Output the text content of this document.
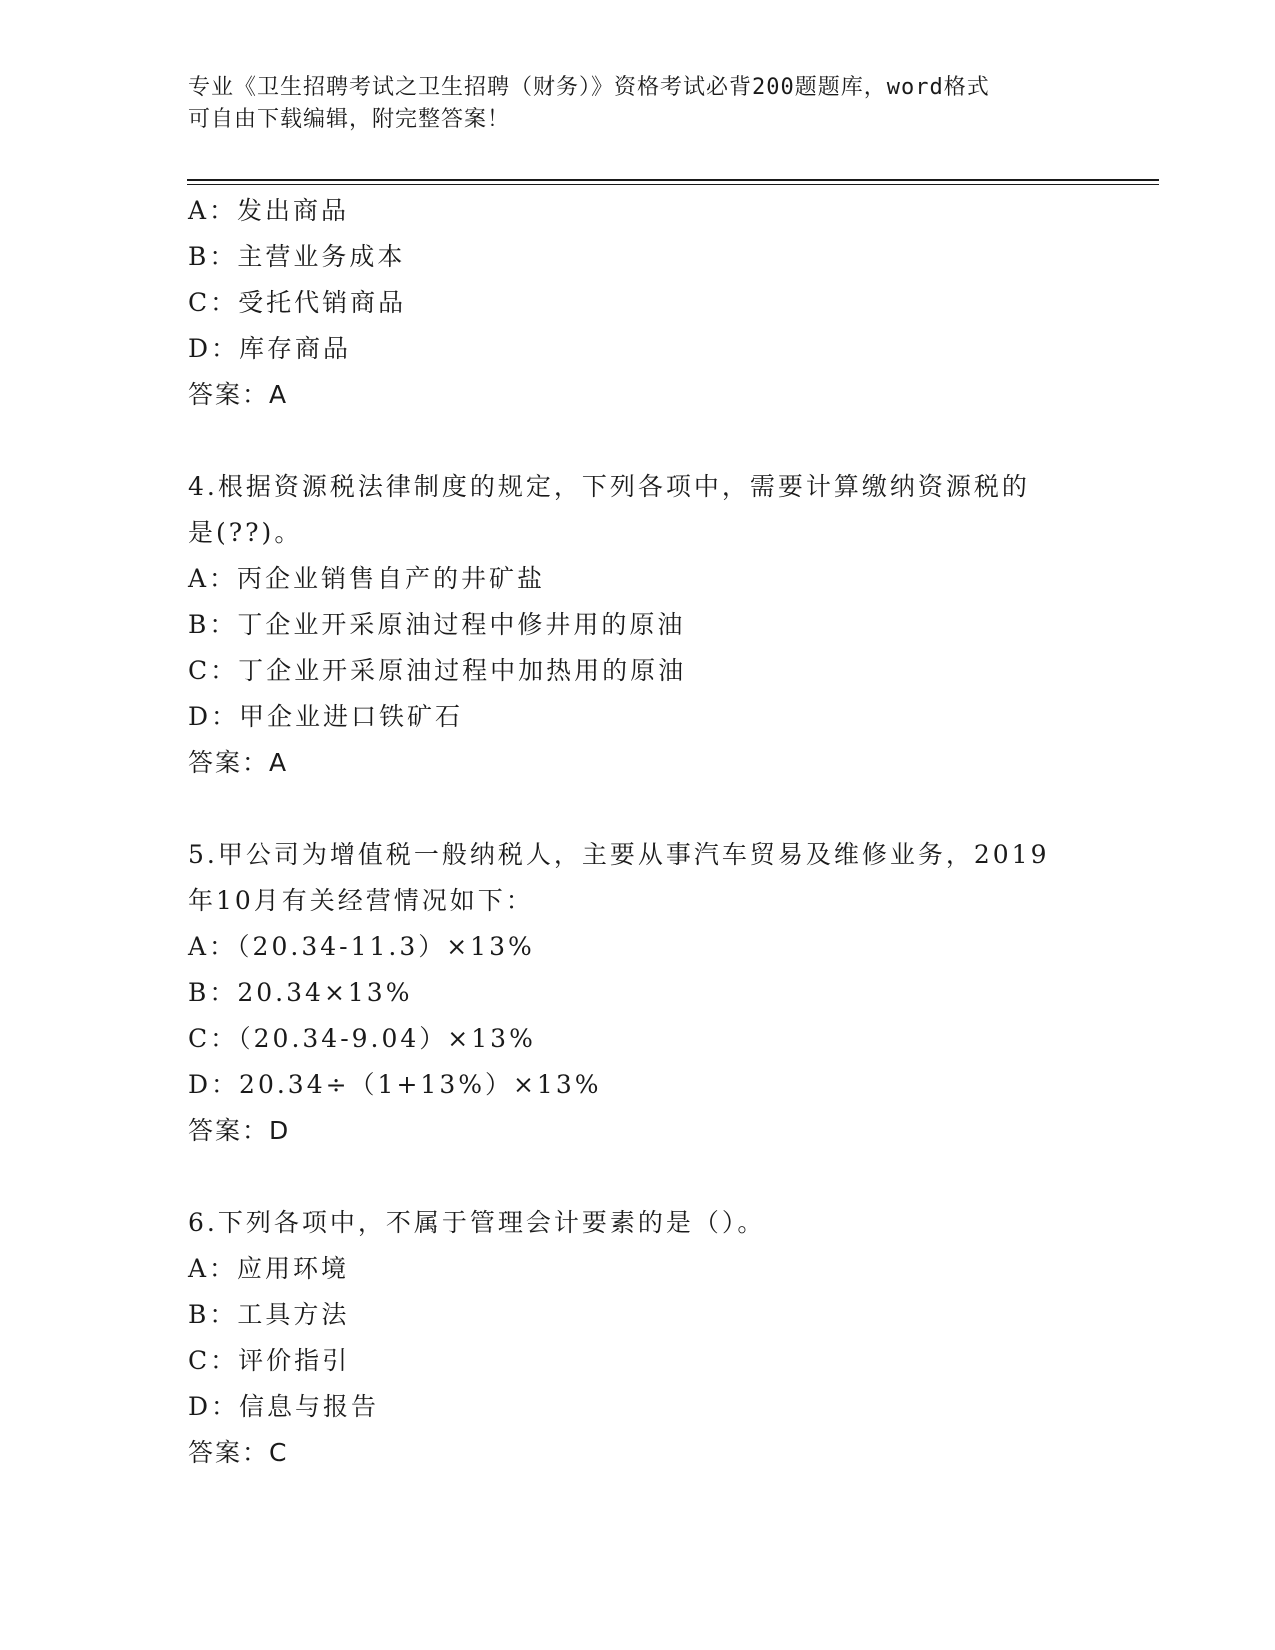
专业《卫生招聘考试之卫生招聘（财务）》资格考试必背200题题库，word格式
可自由下载编辑，附完整答案！
A：发出商品
B：主营业务成本
C：受托代销商品
D：库存商品
答案：A
4.根据资源税法律制度的规定，下列各项中，需要计算缴纳资源税的
是(??)。
A：丙企业销售自产的井矿盐
B：丁企业开采原油过程中修井用的原油
C：丁企业开采原油过程中加热用的原油
D：甲企业进口铁矿石
答案：A
5.甲公司为增值税一般纳税人，主要从事汽车贸易及维修业务，2019
年10月有关经营情况如下：
A：（20.34-11.3）×13%
B：20.34×13%
C：（20.34-9.04）×13%
D：20.34÷（1+13%）×13%
答案：D
6.下列各项中，不属于管理会计要素的是（）。
A：应用环境
B：工具方法
C：评价指引
D：信息与报告
答案：C
